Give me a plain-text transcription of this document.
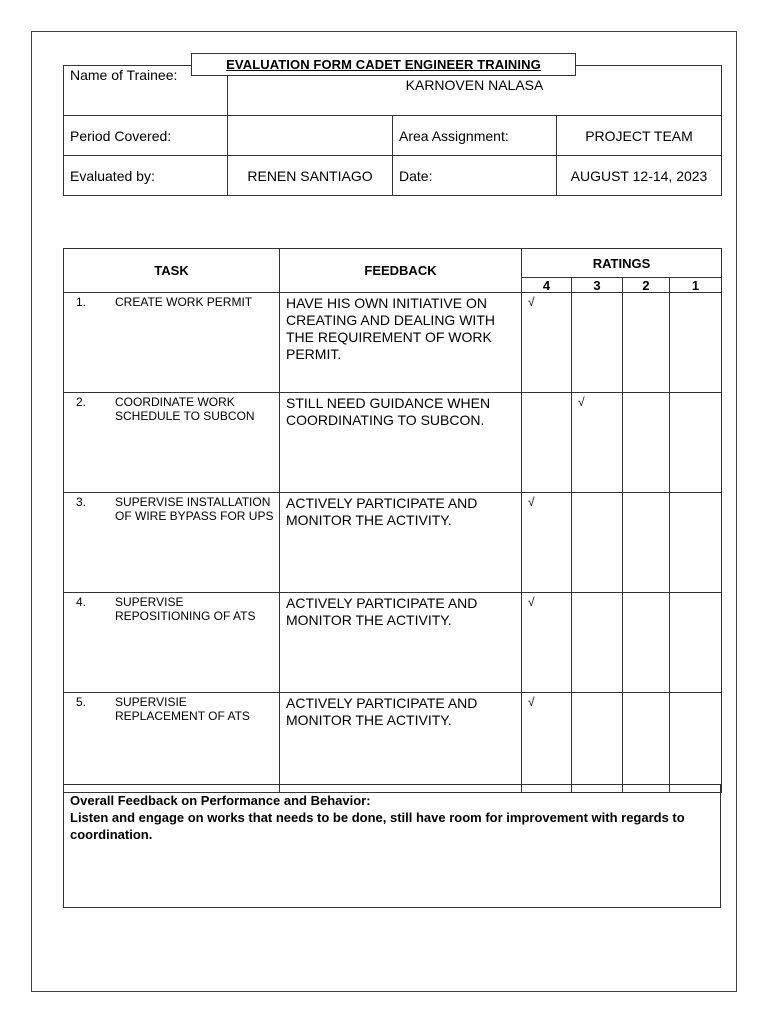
Name of Trainee:	KARNOVEN NALASA		
Period Covered:		Area Assignment:	PROJECT TEAM
Evaluated by:	RENEN SANTIAGO	Date:	AUGUST 12-14, 2023
EVALUATION FORM CADET ENGINEER TRAINING
TASK	FEEDBACK	RATINGS			
		4	3	2	1

1. CREATE WORK PERMIT	HAVE HIS OWN INITIATIVE ON CREATING AND DEALING WITH THE REQUIREMENT OF WORK PERMIT.	√			

2. COORDINATE WORK SCHEDULE TO SUBCON	STILL NEED GUIDANCE WHEN COORDINATING TO SUBCON.		√		

3. SUPERVISE INSTALLATION OF WIRE BYPASS FOR UPS	ACTIVELY PARTICIPATE AND MONITOR THE ACTIVITY.	√			

4. SUPERVISE REPOSITIONING OF ATS	ACTIVELY PARTICIPATE AND MONITOR THE ACTIVITY.	√			

5. SUPERVISIE REPLACEMENT OF ATS	ACTIVELY PARTICIPATE AND MONITOR THE ACTIVITY.	√			
Overall Feedback on Performance and Behavior:
Listen and engage on works that needs to be done, still have room for improvement with regards to coordination.
